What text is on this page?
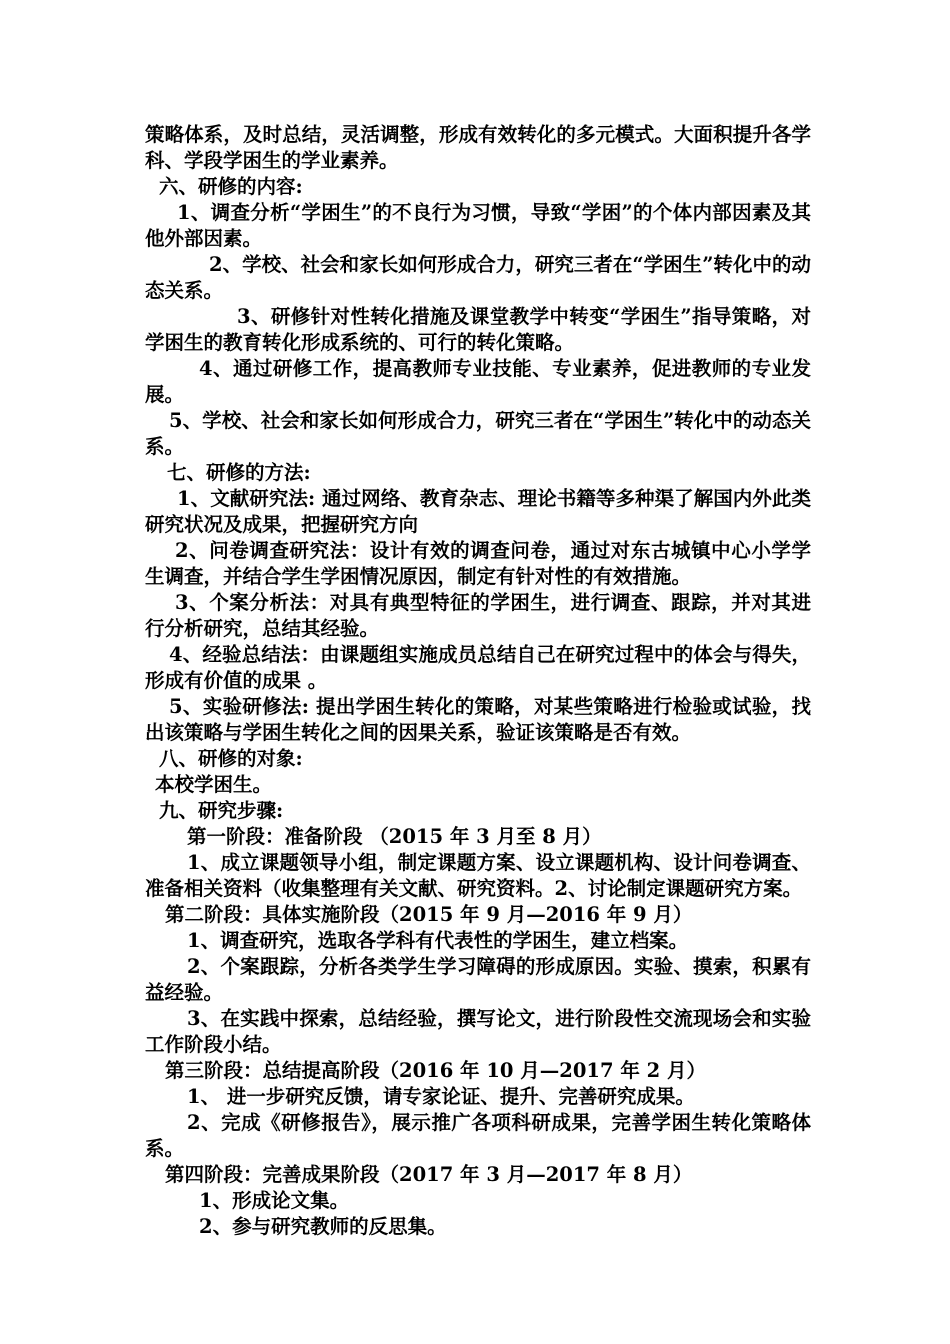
策略体系，及时总结，灵活调整，形成有效转化的多元模式。大面积提升各学科、学段学困生的学业素养。

六、研修的内容:

1、调查分析“学困生”的不良行为习惯，导致“学困”的个体内部因素及其他外部因素。

2、学校、社会和家长如何形成合力，研究三者在“学困生”转化中的动态关系。

3、研修针对性转化措施及课堂教学中转变“学困生”指导策略，对学困生的教育转化形成系统的、可行的转化策略。

4、通过研修工作，提高教师专业技能、专业素养，促进教师的专业发展。

5、学校、社会和家长如何形成合力，研究三者在“学困生”转化中的动态关系。

七、研修的方法:

1、文献研究法: 通过网络、教育杂志、理论书籍等多种渠了解国内外此类研究状况及成果，把握研究方向

2、问卷调查研究法：设计有效的调查问卷，通过对东古城镇中心小学学生调查，并结合学生学困情况原因，制定有针对性的有效措施。

3、个案分析法：对具有典型特征的学困生，进行调查、跟踪，并对其进行分析研究，总结其经验。

4、经验总结法：由课题组实施成员总结自己在研究过程中的体会与得失，形成有价值的成果 。

5、实验研修法: 提出学困生转化的策略，对某些策略进行检验或试验，找出该策略与学困生转化之间的因果关系，验证该策略是否有效。

八、研修的对象:

本校学困生。

九、研究步骤:

第一阶段：准备阶段 （2015 年 3 月至 8 月）

1、成立课题领导小组，制定课题方案、设立课题机构、设计问卷调查、准备相关资料（收集整理有关文献、研究资料。2、讨论制定课题研究方案。

第二阶段：具体实施阶段（2015 年 9 月—2016 年 9 月）

1、调查研究，选取各学科有代表性的学困生，建立档案。

2、个案跟踪，分析各类学生学习障碍的形成原因。实验、摸索，积累有益经验。

3、在实践中探索，总结经验，撰写论文，进行阶段性交流现场会和实验工作阶段小结。

第三阶段：总结提高阶段（2016 年 10 月—2017 年 2 月）

1、 进一步研究反馈，请专家论证、提升、完善研究成果。

2、完成《研修报告》，展示推广各项科研成果，完善学困生转化策略体系。

第四阶段：完善成果阶段（2017 年 3 月—2017 年 8 月）

1、形成论文集。

2、参与研究教师的反思集。
